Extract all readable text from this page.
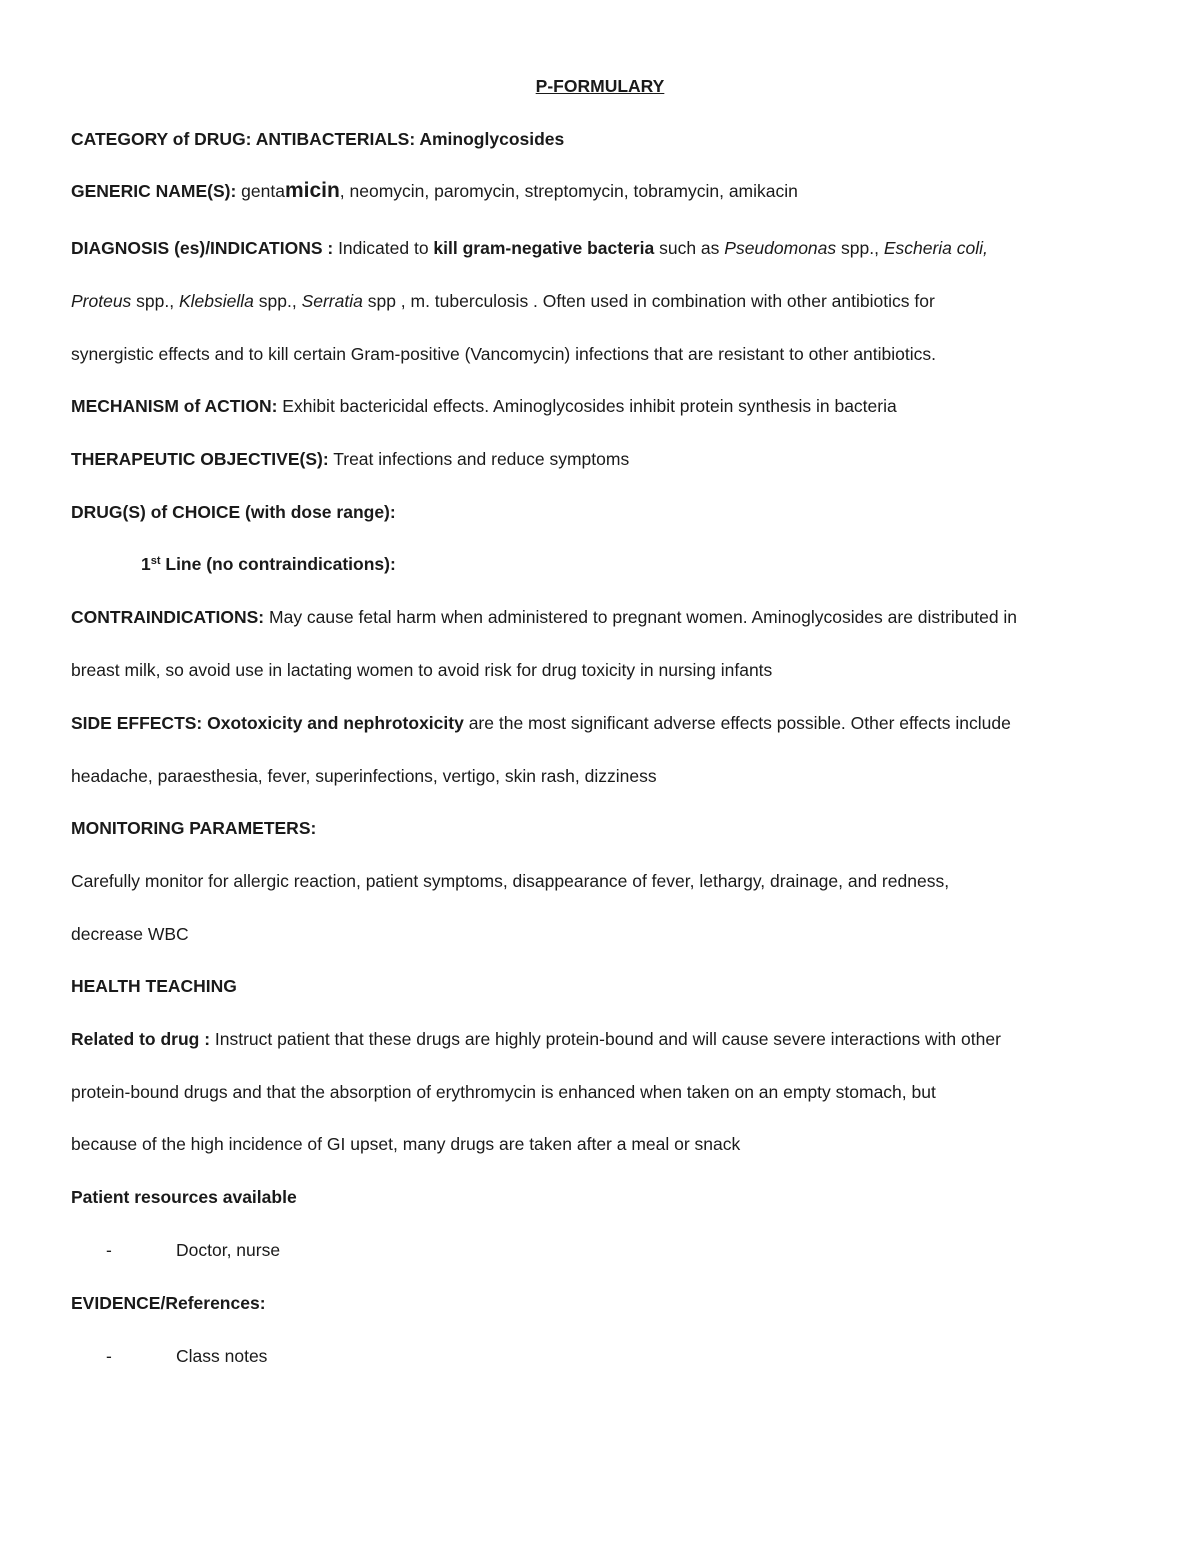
P-FORMULARY
CATEGORY of DRUG: ANTIBACTERIALS: Aminoglycosides
GENERIC NAME(S): gentamicin, neomycin, paromycin, streptomycin, tobramycin, amikacin
DIAGNOSIS (es)/INDICATIONS : Indicated to kill gram-negative bacteria such as Pseudomonas spp., Escheria coli,
Proteus spp., Klebsiella spp., Serratia spp , m. tuberculosis . Often used in combination with other antibiotics for
synergistic effects and to kill certain Gram-positive (Vancomycin) infections that are resistant to other antibiotics.
MECHANISM of ACTION: Exhibit bactericidal effects. Aminoglycosides inhibit protein synthesis in bacteria
THERAPEUTIC OBJECTIVE(S): Treat infections and reduce symptoms
DRUG(S) of CHOICE (with dose range):
1st Line (no contraindications):
CONTRAINDICATIONS: May cause fetal harm when administered to pregnant women. Aminoglycosides are distributed in
breast milk, so avoid use in lactating women to avoid risk for drug toxicity in nursing infants
SIDE EFFECTS: Oxotoxicity and nephrotoxicity are the most significant adverse effects possible. Other effects include
headache, paraesthesia, fever, superinfections, vertigo, skin rash, dizziness
MONITORING PARAMETERS:
Carefully monitor for allergic reaction, patient symptoms, disappearance of fever, lethargy, drainage, and redness,
decrease WBC
HEALTH TEACHING
Related to drug : Instruct patient that these drugs are highly protein-bound and will cause severe interactions with other
protein-bound drugs and that the absorption of erythromycin is enhanced when taken on an empty stomach, but
because of the high incidence of GI upset, many drugs are taken after a meal or snack
Patient resources available
-	Doctor, nurse
EVIDENCE/References:
-	Class notes
